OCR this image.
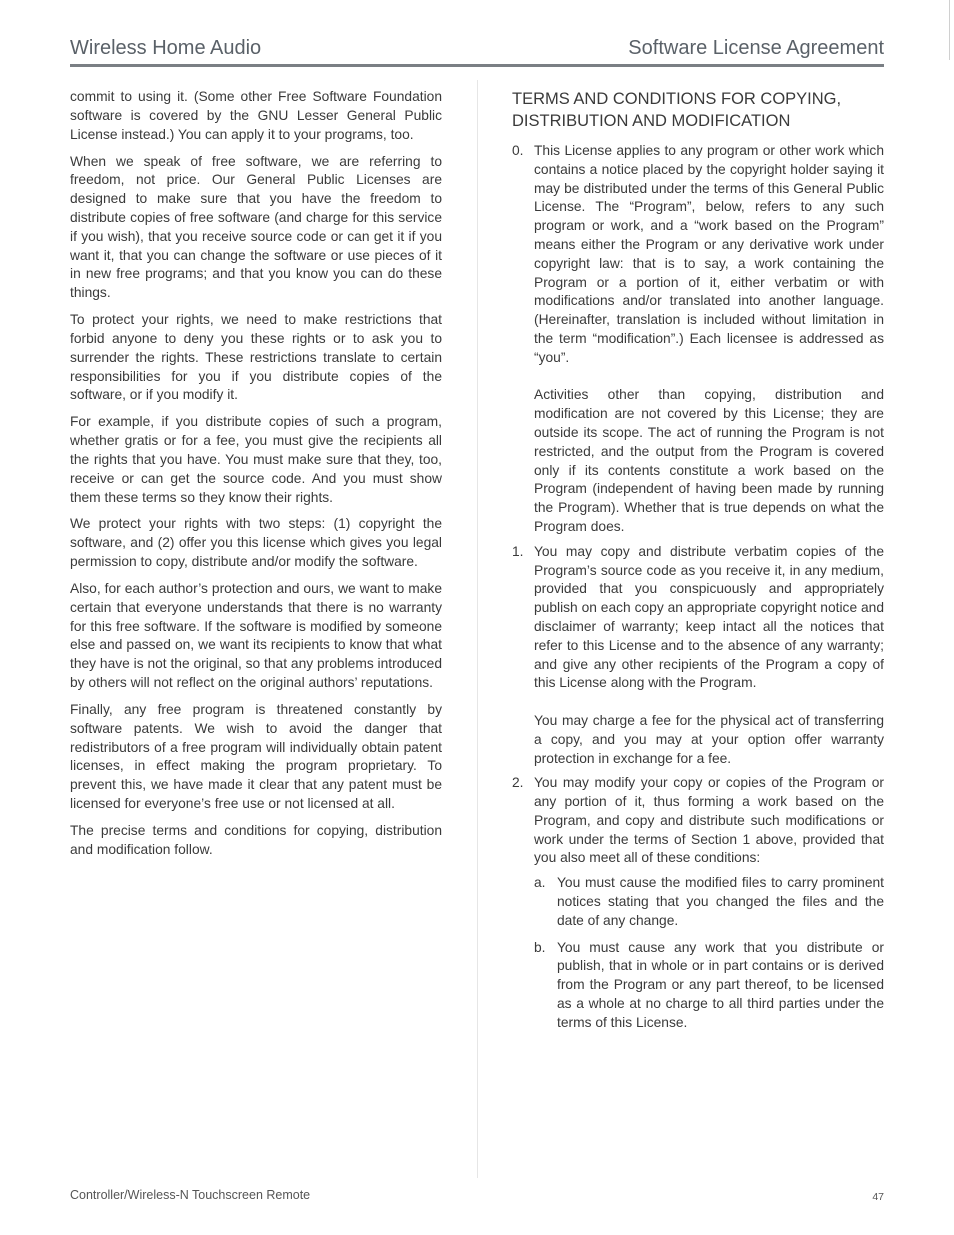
Wireless Home Audio	Software License Agreement

commit to using it. (Some other Free Software Foundation software is covered by the GNU Lesser General Public License instead.) You can apply it to your programs, too.

When we speak of free software, we are referring to freedom, not price. Our General Public Licenses are designed to make sure that you have the freedom to distribute copies of free software (and charge for this service if you wish), that you receive source code or can get it if you want it, that you can change the software or use pieces of it in new free programs; and that you know you can do these things.

To protect your rights, we need to make restrictions that forbid anyone to deny you these rights or to ask you to surrender the rights. These restrictions translate to certain responsibilities for you if you distribute copies of the software, or if you modify it.

For example, if you distribute copies of such a program, whether gratis or for a fee, you must give the recipients all the rights that you have. You must make sure that they, too, receive or can get the source code. And you must show them these terms so they know their rights.

We protect your rights with two steps: (1) copyright the software, and (2) offer you this license which gives you legal permission to copy, distribute and/or modify the software.

Also, for each author’s protection and ours, we want to make certain that everyone understands that there is no warranty for this free software. If the software is modified by someone else and passed on, we want its recipients to know that what they have is not the original, so that any problems introduced by others will not reflect on the original authors’ reputations.

Finally, any free program is threatened constantly by software patents. We wish to avoid the danger that redistributors of a free program will individually obtain patent licenses, in effect making the program proprietary. To prevent this, we have made it clear that any patent must be licensed for everyone’s free use or not licensed at all.

The precise terms and conditions for copying, distribution and modification follow.

TERMS AND CONDITIONS FOR COPYING,
DISTRIBUTION AND MODIFICATION
0. This License applies to any program or other work which contains a notice placed by the copyright holder saying it may be distributed under the terms of this General Public License. The “Program”, below, refers to any such program or work, and a “work based on the Program” means either the Program or any derivative work under copyright law: that is to say, a work containing the Program or a portion of it, either verbatim or with modifications and/or translated into another language. (Hereinafter, translation is included without limitation in the term “modification”.) Each licensee is addressed as “you”.

Activities other than copying, distribution and modification are not covered by this License; they are outside its scope. The act of running the Program is not restricted, and the output from the Program is covered only if its contents constitute a work based on the Program (independent of having been made by running the Program). Whether that is true depends on what the Program does.

1. You may copy and distribute verbatim copies of the Program’s source code as you receive it, in any medium, provided that you conspicuously and appropriately publish on each copy an appropriate copyright notice and disclaimer of warranty; keep intact all the notices that refer to this License and to the absence of any warranty; and give any other recipients of the Program a copy of this License along with the Program.

You may charge a fee for the physical act of transferring a copy, and you may at your option offer warranty protection in exchange for a fee.

2. You may modify your copy or copies of the Program or any portion of it, thus forming a work based on the Program, and copy and distribute such modifications or work under the terms of Section 1 above, provided that you also meet all of these conditions:

a. You must cause the modified files to carry prominent notices stating that you changed the files and the date of any change.
b. You must cause any work that you distribute or publish, that in whole or in part contains or is derived from the Program or any part thereof, to be licensed as a whole at no charge to all third parties under the terms of this License.
Controller/Wireless-N Touchscreen Remote	47
